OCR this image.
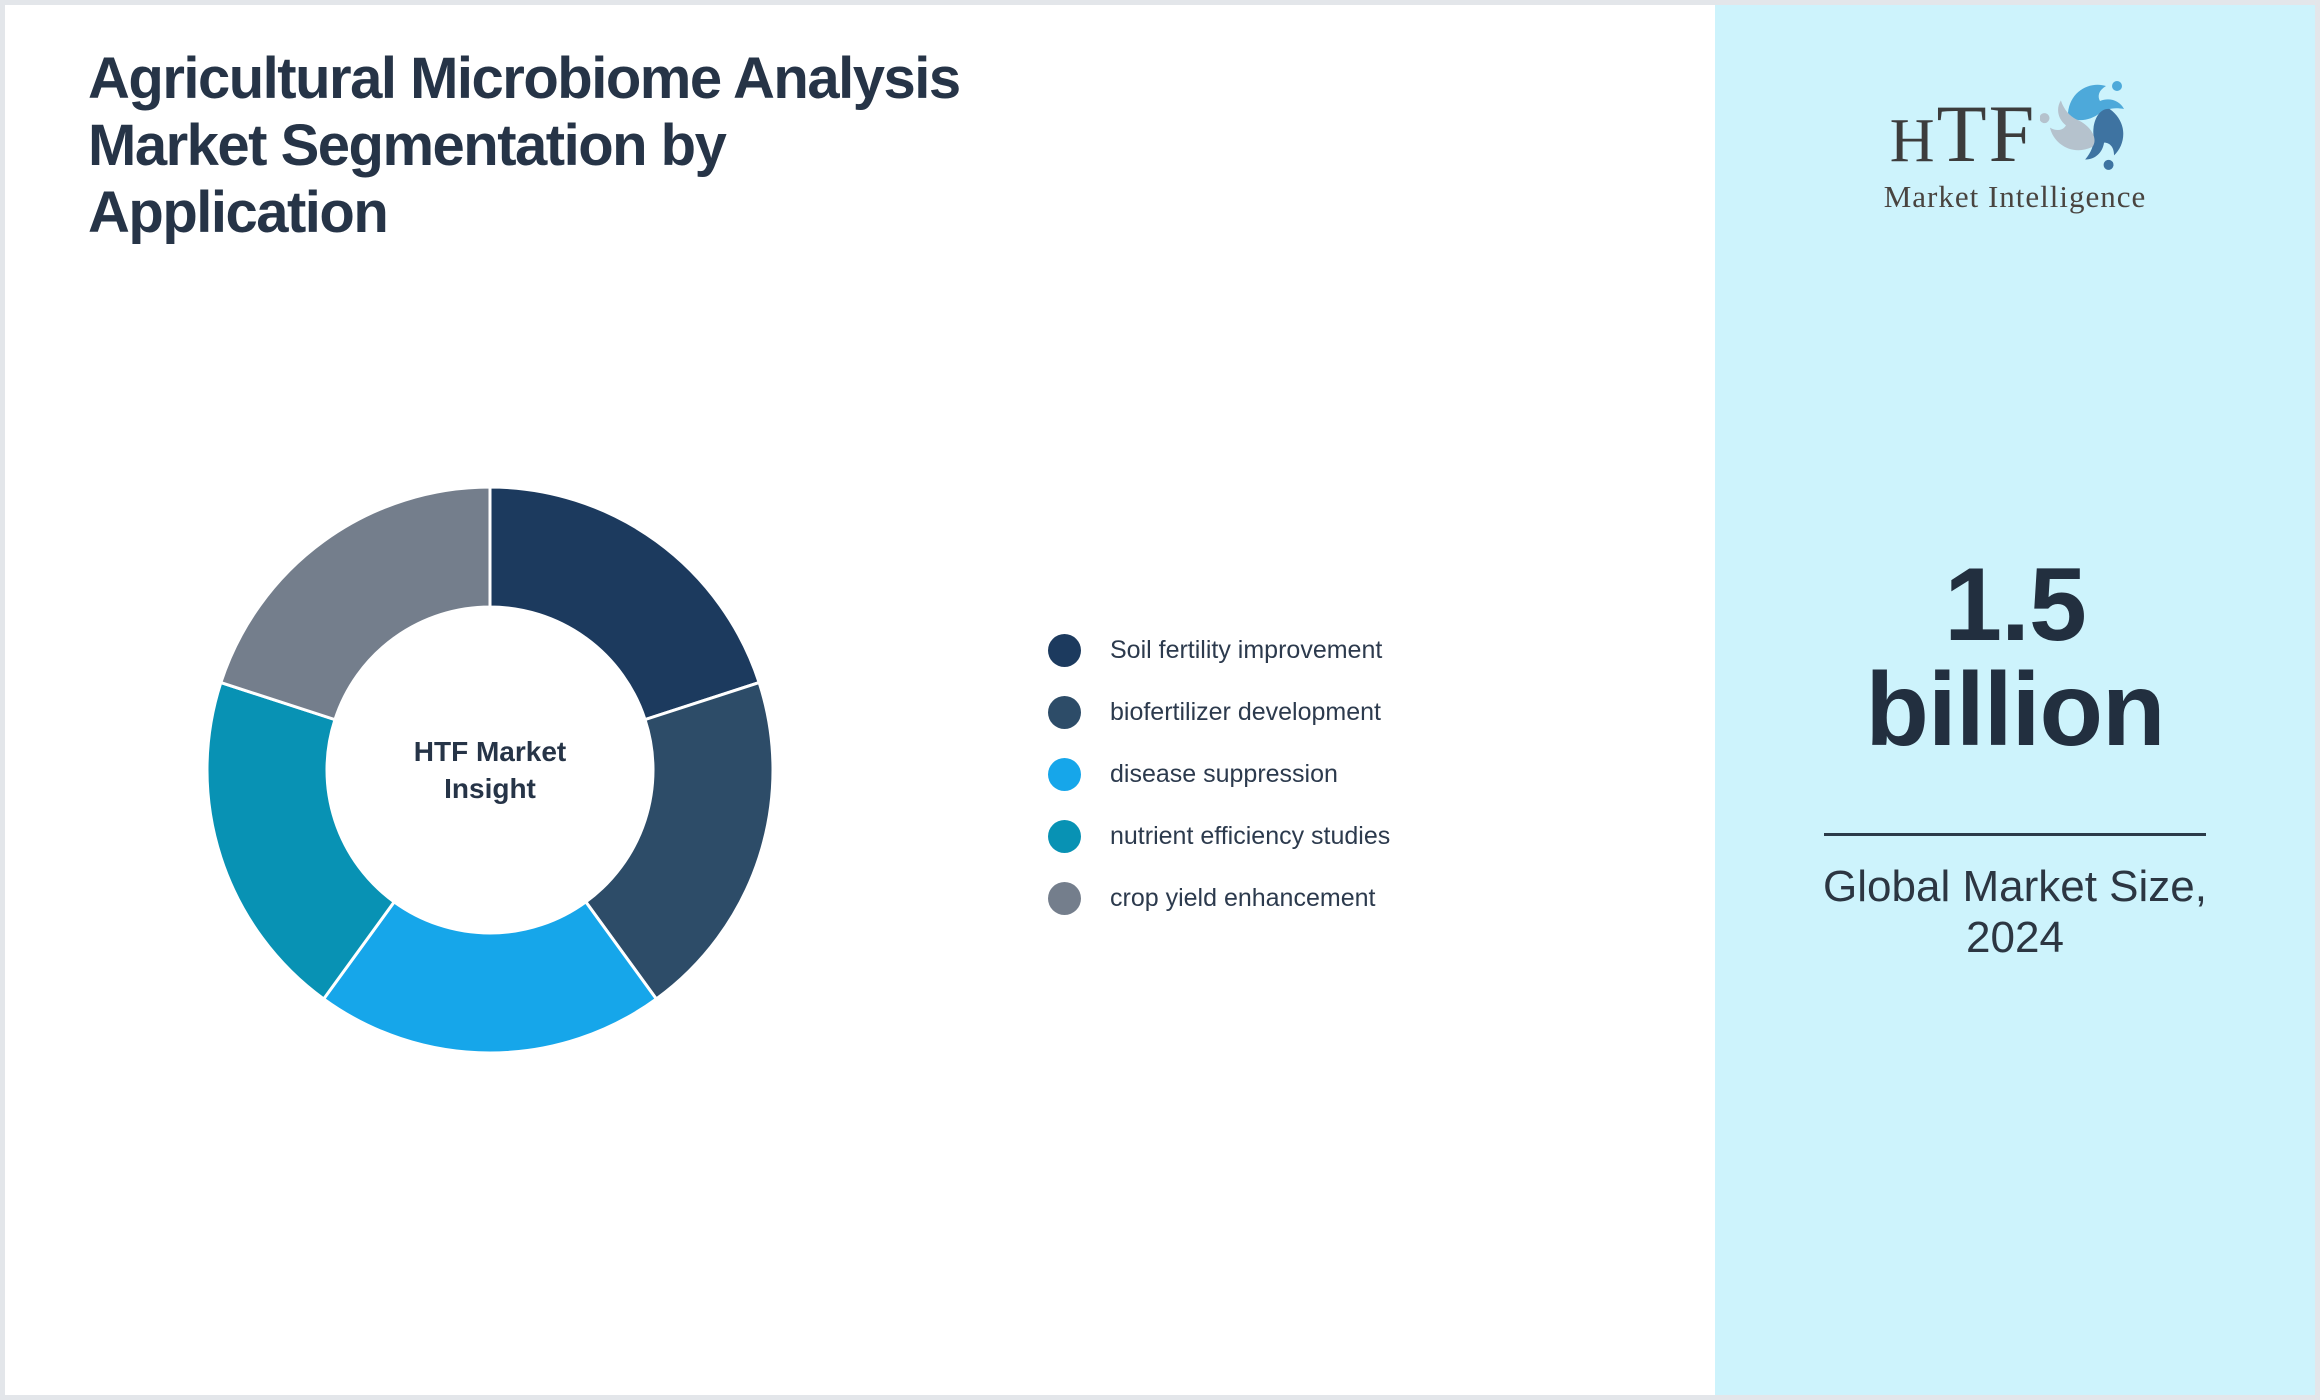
Agricultural Microbiome Analysis
Market Segmentation by
Application
HTF Market Insight
Soil fertility improvement
biofertilizer development
disease suppression
nutrient efficiency studies
crop yield enhancement
HTF
Market Intelligence
1.5 billion
Global Market Size, 2024
